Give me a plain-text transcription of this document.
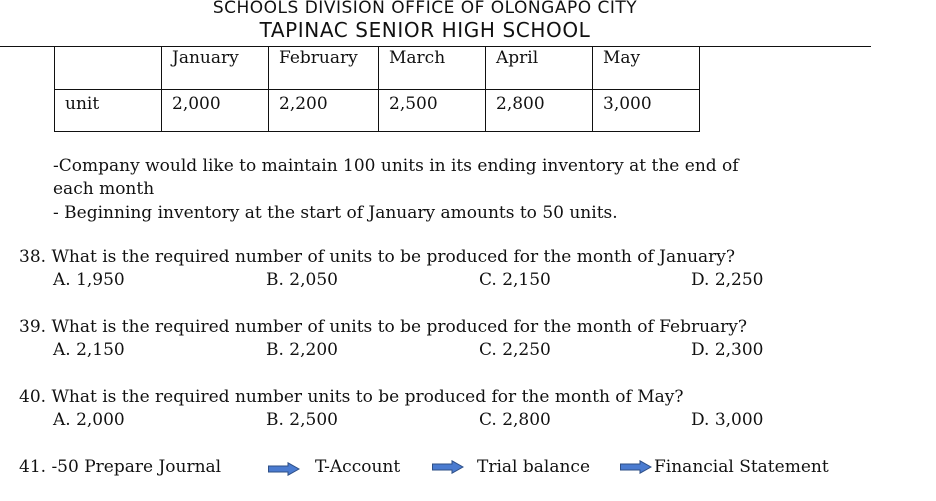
SCHOOLS DIVISION OFFICE OF OLONGAPO CITY
TAPINAC SENIOR HIGH SCHOOL
	January	February	March	April	May
unit	2,000	2,200	2,500	2,800	3,000
-Company would like to maintain 100 units in its ending inventory at the end of
each month
- Beginning inventory at the start of January amounts to 50 units.
38. What is the required number of units to be produced for the month of January?
A. 1,950	B. 2,050	C. 2,150	D. 2,250
39. What is the required number of units to be produced for the month of February?
A. 2,150	B. 2,200	C. 2,250	D. 2,300
40. What is the required number units to be produced for the month of May?
A. 2,000	B. 2,500	C. 2,800	D. 3,000
41. -50 Prepare Journal	T-Account	Trial balance	Financial Statement
